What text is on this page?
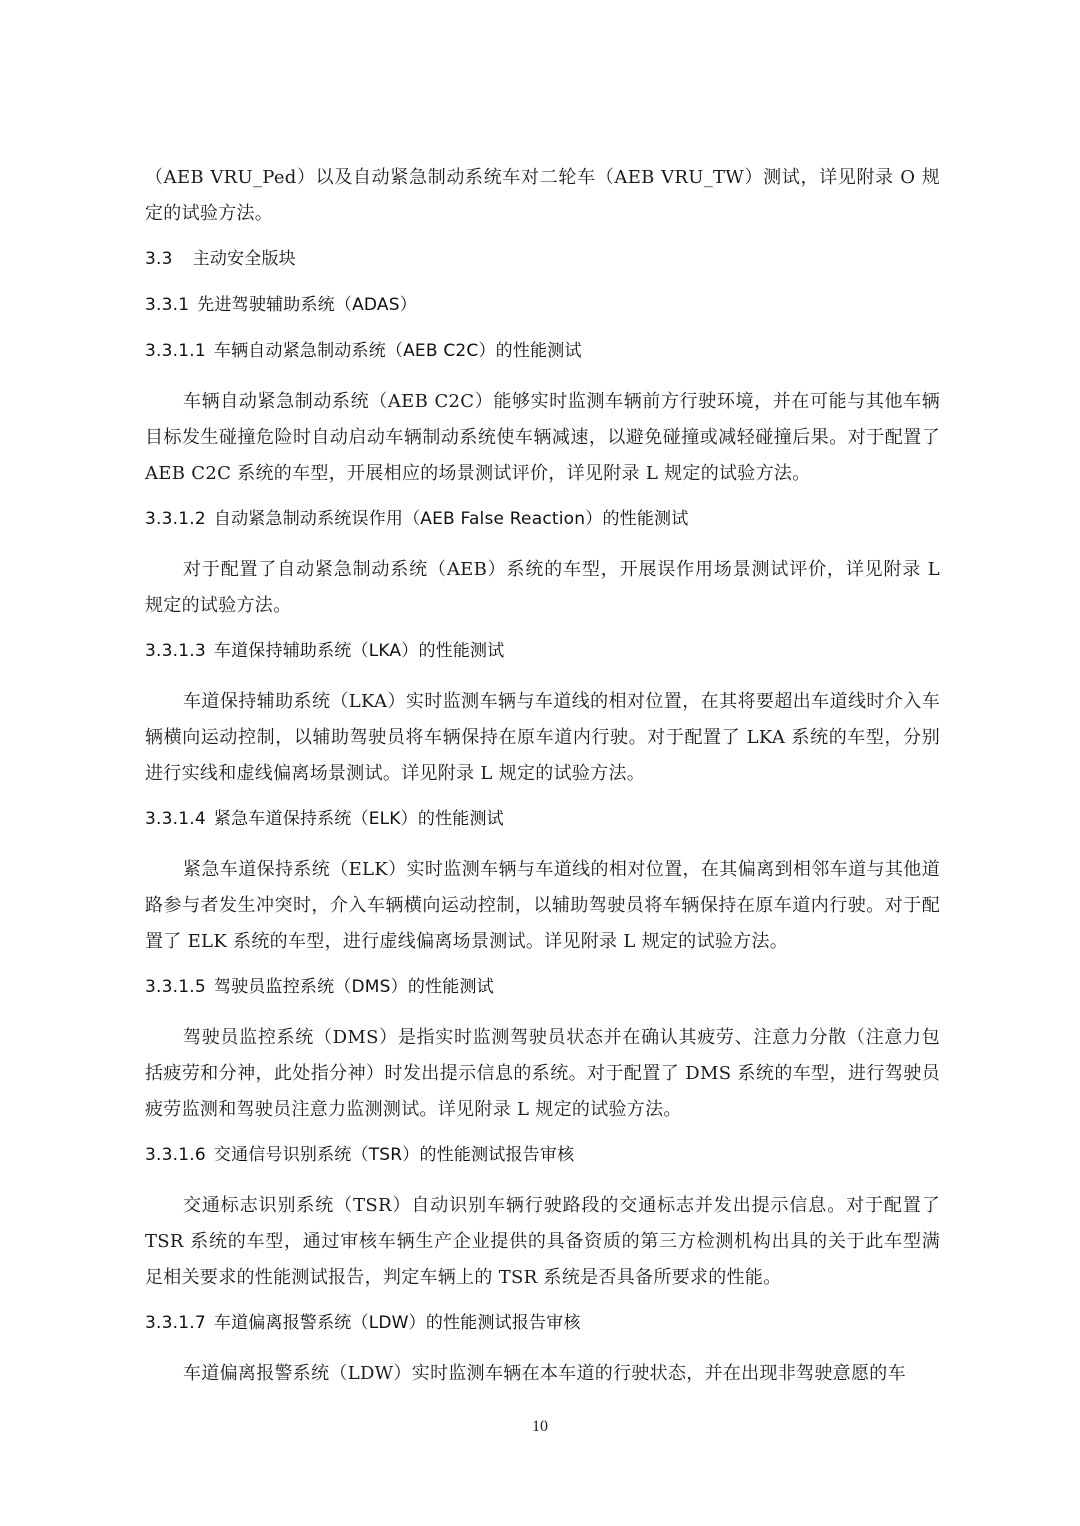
（AEB VRU_Ped）以及自动紧急制动系统车对二轮车（AEB VRU_TW）测试，详见附录 O 规定的试验方法。

3.3 主动安全版块
3.3.1 先进驾驶辅助系统（ADAS）
3.3.1.1 车辆自动紧急制动系统（AEB C2C）的性能测试

车辆自动紧急制动系统（AEB C2C）能够实时监测车辆前方行驶环境，并在可能与其他车辆目标发生碰撞危险时自动启动车辆制动系统使车辆减速，以避免碰撞或减轻碰撞后果。对于配置了 AEB C2C 系统的车型，开展相应的场景测试评价，详见附录 L 规定的试验方法。

3.3.1.2 自动紧急制动系统误作用（AEB False Reaction）的性能测试

对于配置了自动紧急制动系统（AEB）系统的车型，开展误作用场景测试评价，详见附录 L 规定的试验方法。

3.3.1.3 车道保持辅助系统（LKA）的性能测试

车道保持辅助系统（LKA）实时监测车辆与车道线的相对位置，在其将要超出车道线时介入车辆横向运动控制，以辅助驾驶员将车辆保持在原车道内行驶。对于配置了 LKA 系统的车型，分别进行实线和虚线偏离场景测试。详见附录 L 规定的试验方法。

3.3.1.4 紧急车道保持系统（ELK）的性能测试

紧急车道保持系统（ELK）实时监测车辆与车道线的相对位置，在其偏离到相邻车道与其他道路参与者发生冲突时，介入车辆横向运动控制，以辅助驾驶员将车辆保持在原车道内行驶。对于配置了 ELK 系统的车型，进行虚线偏离场景测试。详见附录 L 规定的试验方法。

3.3.1.5 驾驶员监控系统（DMS）的性能测试

驾驶员监控系统（DMS）是指实时监测驾驶员状态并在确认其疲劳、注意力分散（注意力包括疲劳和分神，此处指分神）时发出提示信息的系统。对于配置了 DMS 系统的车型，进行驾驶员疲劳监测和驾驶员注意力监测测试。详见附录 L 规定的试验方法。

3.3.1.6 交通信号识别系统（TSR）的性能测试报告审核

交通标志识别系统（TSR）自动识别车辆行驶路段的交通标志并发出提示信息。对于配置了 TSR 系统的车型，通过审核车辆生产企业提供的具备资质的第三方检测机构出具的关于此车型满足相关要求的性能测试报告，判定车辆上的 TSR 系统是否具备所要求的性能。

3.3.1.7 车道偏离报警系统（LDW）的性能测试报告审核

车道偏离报警系统（LDW）实时监测车辆在本车道的行驶状态，并在出现非驾驶意愿的车

10
